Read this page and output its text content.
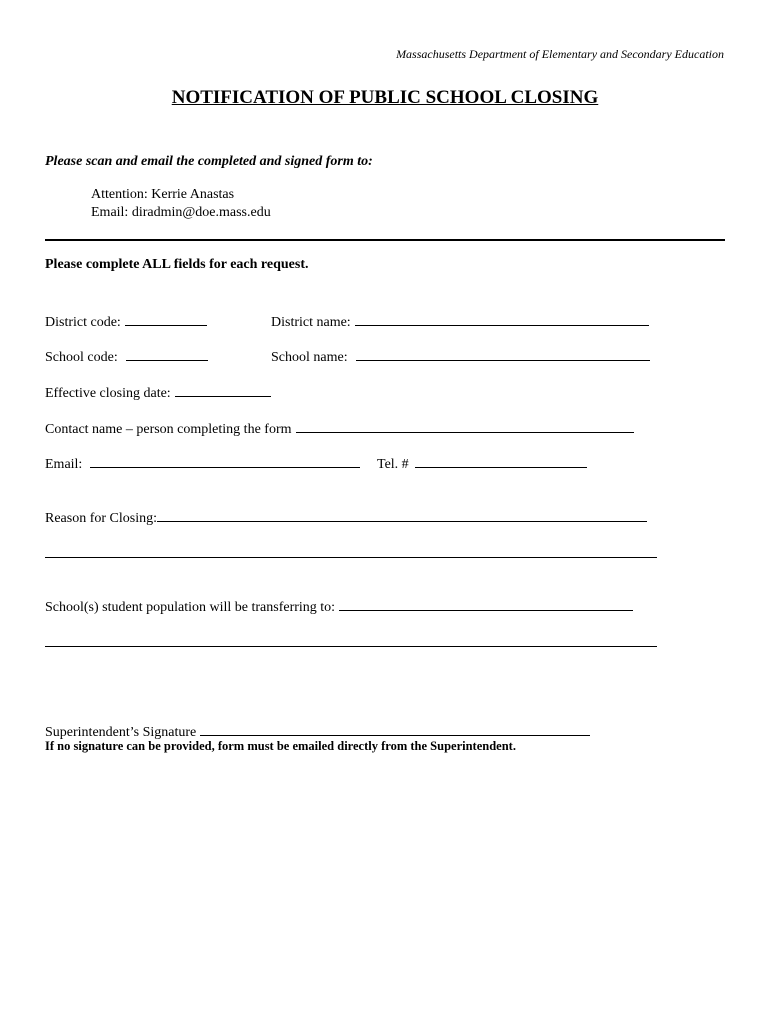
Massachusetts Department of Elementary and Secondary Education
NOTIFICATION OF PUBLIC SCHOOL CLOSING
Please scan and email the completed and signed form to:
Attention: Kerrie Anastas
Email: diradmin@doe.mass.edu
Please complete ALL fields for each request.
District code:	District name:
School code:	School name:
Effective closing date:
Contact name – person completing the form
Email:	Tel. #
Reason for Closing:
School(s) student population will be transferring to:
Superintendent’s Signature
If no signature can be provided, form must be emailed directly from the Superintendent.
